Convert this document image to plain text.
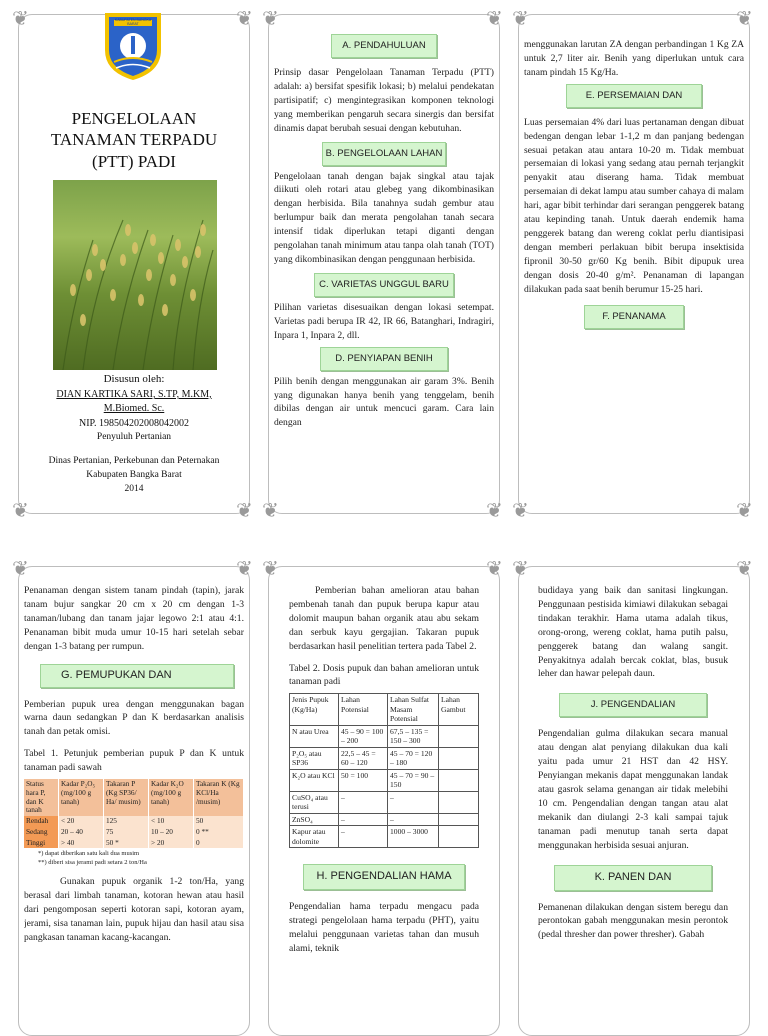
❦	❦
❦	❦
❦	❦
❦	❦
❦	❦
❦	❦
❦	❦ ❦	❦ ❦	❦
KABUPATEN BANGKA BARAT
PENGELOLAAN
TANAMAN TERPADU
(PTT) PADI
Disusun oleh:
DIAN KARTIKA SARI, S.TP, M.KM,
M.Biomed. Sc.
NIP. 198504202008042002
Penyuluh Pertanian
Dinas Pertanian, Perkebunan dan Peternakan
Kabupaten Bangka Barat
2014
A. PENDAHULUAN

Prinsip dasar Pengelolaan Tanaman Terpadu (PTT) adalah: a) bersifat spesifik lokasi; b) melalui pendekatan partisipatif; c) mengintegrasikan komponen teknologi yang memberikan pengaruh secara sinergis dan bersifat dinamis dapat berubah sesuai dengan kebutuhan.

B. PENGELOLAAN LAHAN

Pengelolaan tanah dengan bajak singkal atau tajak diikuti oleh rotari atau glebeg yang dikombinasikan dengan herbisida. Bila tanahnya sudah gembur atau berlumpur baik dan merata pengolahan tanah secara intensif tidak diperlukan tetapi diganti dengan pengolahan tanah minimum atau tanpa olah tanah (TOT) yang dikombinasikan dengan penggunaan herbisida.

C. VARIETAS UNGGUL BARU

Pilihan varietas disesuaikan dengan lokasi setempat. Varietas padi berupa IR 42, IR 66, Batanghari, Indragiri, Inpara 1, Inpara 2, dll.

D. PENYIAPAN BENIH

Pilih benih dengan menggunakan air garam 3%. Benih yang digunakan hanya benih yang tenggelam, benih dibilas dengan air untuk mencuci garam. Cara lain dengan

menggunakan larutan ZA dengan perbandingan 1 Kg ZA untuk 2,7 liter air. Benih yang diperlukan untuk cara tanam pindah 15 Kg/Ha.

E. PERSEMAIAN DAN

Luas persemaian 4% dari luas pertanaman dengan dibuat bedengan dengan lebar 1-1,2 m dan panjang bedengan sesuai petakan atau antara 10-20 m. Tidak membuat persemaian di lokasi yang sedang atau pernah terjangkit penyakit atau diserang hama. Tidak membuat persemaian di dekat lampu atau sumber cahaya di malam hari, agar bibit terhindar dari serangan penggerek batang atau kepinding tanah. Untuk daerah endemik hama penggerek batang dan wereng coklat perlu diantisipasi dengan memberi perlakuan bibit berupa insektisida fipronil 30-50 gr/60 Kg benih. Bibit dipupuk urea dengan dosis 20-40 g/m². Penanaman di lapangan dilakukan pada saat benih berumur 15-25 hari.

F. PENANAMA

Penanaman dengan sistem tanam pindah (tapin), jarak tanam bujur sangkar 20 cm x 20 cm dengan 1-3 tanaman/lubang dan tanam jajar legowo 2:1 atau 4:1. Penanaman bibit muda umur 10-15 hari setelah sebar dengan 1-3 batang per rumpun.

G. PEMUPUKAN DAN

Pemberian pupuk urea dengan menggunakan bagan warna daun sedangkan P dan K berdasarkan analisis tanah dan petak omisi.

Tabel 1. Petunjuk pemberian pupuk P dan K untuk tanaman padi sawah

Status hara P, dan K tanah	Kadar P₂O₅ (mg/100 g tanah)	Takaran P (Kg SP36/ Ha/ musim)	Kadar K₂O (mg/100 g tanah)	Takaran K (Kg KCl/Ha /musim)
Rendah	< 20	125	< 10	50
Sedang	20 – 40	75	10 – 20	0 **
Tinggi	> 40	50 *	> 20	0

*) dapat diberikan satu kali dua musim

**) diberi sisa jerami padi setara 2 ton/Ha

Gunakan pupuk organik 1-2 ton/Ha, yang berasal dari limbah tanaman, kotoran hewan atau hasil dari pengomposan seperti kotoran sapi, kotoran ayam, jerami, sisa tanaman lain, pupuk hijau dan hasil atau sisa pangkasan tanaman kacang-kacangan.

Pemberian bahan amelioran atau bahan pembenah tanah dan pupuk berupa kapur atau dolomit maupun bahan organik atau abu sekam dan serbuk kayu gergajian. Takaran pupuk berdasarkan hasil penelitian tertera pada Tabel 2.

Tabel 2. Dosis pupuk dan bahan amelioran untuk tanaman padi

Jenis Pupuk (Kg/Ha)	Lahan Potensial	Lahan Sulfat Masam Potensial	Lahan Gambut
N atau Urea	45 – 90 = 100 – 200	67,5 – 135 = 150 – 300	
P₂O₅ atau SP36	22,5 – 45 = 60 – 120	45 – 70 = 120 – 180	
K₂O atau KCl	50 = 100	45 – 70 = 90 – 150	
CuSO₄ atau terusi	–	–	
ZnSO₄	–	–	
Kapur atau dolomite	–	1000 – 3000	
H. PENGENDALIAN HAMA

Pengendalian hama terpadu mengacu pada strategi pengelolaan hama terpadu (PHT), yaitu melalui penggunaan varietas tahan dan musuh alami, teknik

budidaya yang baik dan sanitasi lingkungan. Penggunaan pestisida kimiawi dilakukan sebagai tindakan terakhir. Hama utama adalah tikus, orong-orong, wereng coklat, hama putih palsu, penggerek batang dan walang sangit. Penyakitnya adalah bercak coklat, blas, busuk leher dan hawar pelepah daun.

J. PENGENDALIAN

Pengendalian gulma dilakukan secara manual atau dengan alat penyiang dilakukan dua kali yaitu pada umur 21 HST dan 42 HSY. Penyiangan mekanis dapat menggunakan landak atau gasrok selama genangan air tidak melebihi 10 cm. Pengendalian dengan tangan atau alat mekanik dan diulangi 2-3 kali sampai tajuk tanaman padi menutup tanah serta dapat menggunakan herbisida sesuai anjuran.

K. PANEN DAN

Pemanenan dilakukan dengan sistem beregu dan perontokan gabah menggunakan mesin perontok (pedal thresher dan power thresher). Gabah
